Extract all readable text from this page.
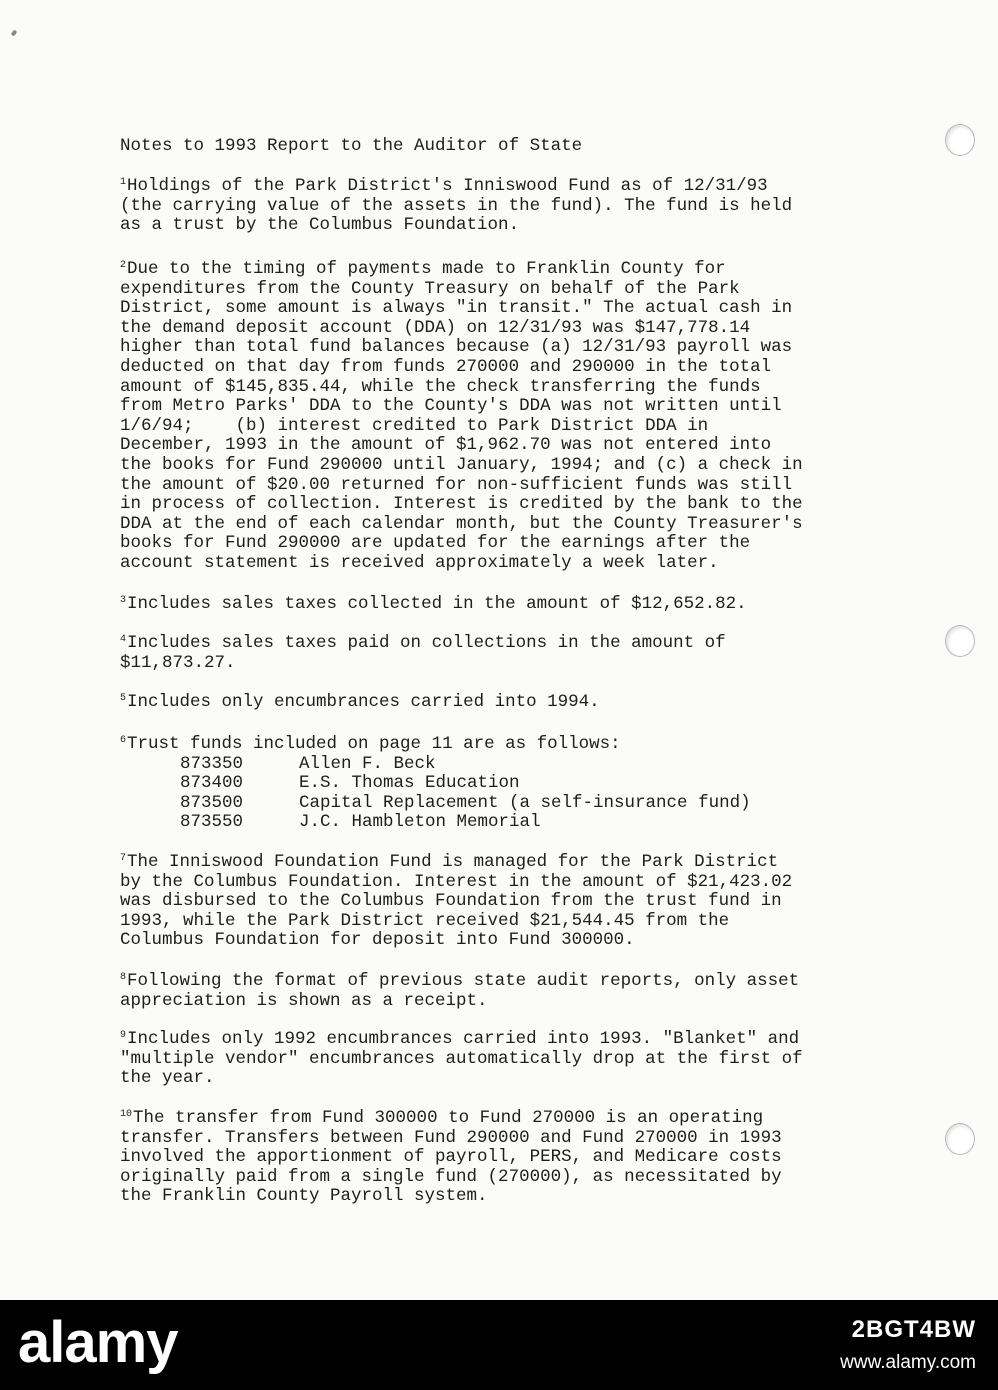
Notes to 1993 Report to the Auditor of State
$^1$Holdings of the Park District's Inniswood Fund as of 12/31/93
(the carrying value of the assets in the fund). The fund is held
as a trust by the Columbus Foundation.
$^2$Due to the timing of payments made to Franklin County for
expenditures from the County Treasury on behalf of the Park
District, some amount is always "in transit." The actual cash in
the demand deposit account (DDA) on 12/31/93 was $147,778.14
higher than total fund balances because (a) 12/31/93 payroll was
deducted on that day from funds 270000 and 290000 in the total
amount of $145,835.44, while the check transferring the funds
from Metro Parks' DDA to the County's DDA was not written until
1/6/94;    (b) interest credited to Park District DDA in
December, 1993 in the amount of $1,962.70 was not entered into
the books for Fund 290000 until January, 1994; and (c) a check in
the amount of $20.00 returned for non-sufficient funds was still
in process of collection. Interest is credited by the bank to the
DDA at the end of each calendar month, but the County Treasurer's
books for Fund 290000 are updated for the earnings after the
account statement is received approximately a week later.
$^3$Includes sales taxes collected in the amount of $12,652.82.
$^4$Includes sales taxes paid on collections in the amount of
$11,873.27.
$^5$Includes only encumbrances carried into 1994.
$^6$Trust funds included on page 11 are as follows:
873350	Allen F. Beck
873400	E.S. Thomas Education
873500	Capital Replacement (a self-insurance fund)
873550	J.C. Hambleton Memorial
$^7$The Inniswood Foundation Fund is managed for the Park District
by the Columbus Foundation. Interest in the amount of $21,423.02
was disbursed to the Columbus Foundation from the trust fund in
1993, while the Park District received $21,544.45 from the
Columbus Foundation for deposit into Fund 300000.
$^8$Following the format of previous state audit reports, only asset
appreciation is shown as a receipt.
$^9$Includes only 1992 encumbrances carried into 1993. "Blanket" and
"multiple vendor" encumbrances automatically drop at the first of
the year.
$^{10}$The transfer from Fund 300000 to Fund 270000 is an operating
transfer. Transfers between Fund 290000 and Fund 270000 in 1993
involved the apportionment of payroll, PERS, and Medicare costs
originally paid from a single fund (270000), as necessitated by
the Franklin County Payroll system.
alamy	2BGT4BW
www.alamy.com
